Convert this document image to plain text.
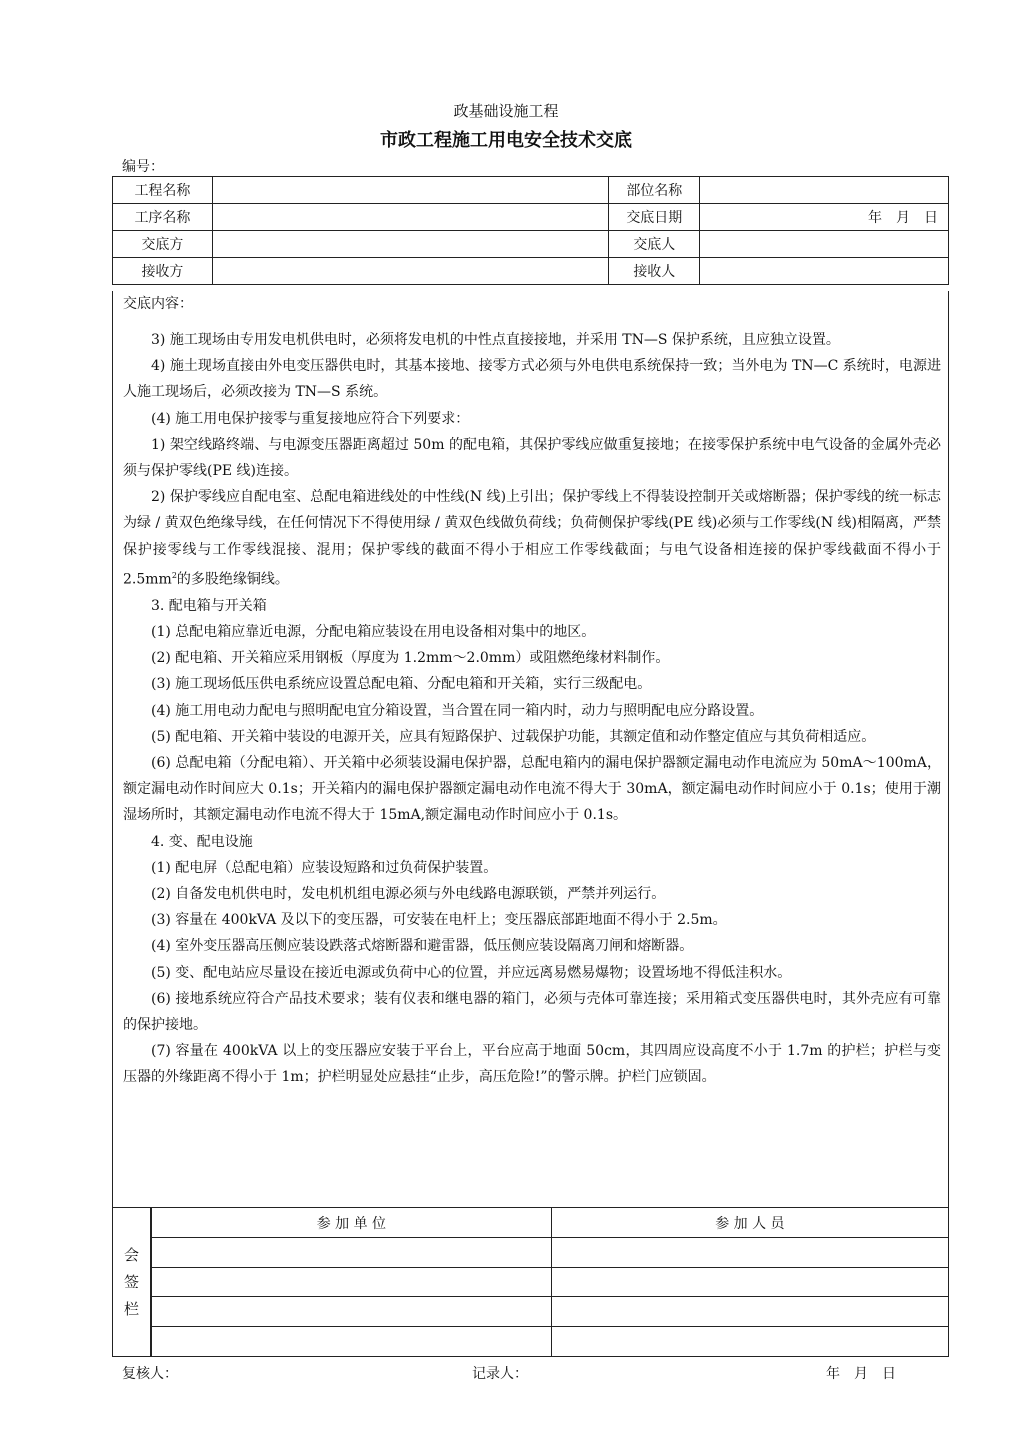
政基础设施工程
市政工程施工用电安全技术交底
编号：
工程名称		部位名称	
工序名称		交底日期	年　月　日
交底方		交底人	
接收方		接收人	
交底内容：

3) 施工现场由专用发电机供电时，必须将发电机的中性点直接接地，并采用 TN—S 保护系统，且应独立设置。

4) 施土现场直接由外电变压器供电时，其基本接地、接零方式必须与外电供电系统保持一致；当外电为 TN—C 系统时，电源进人施工现场后，必须改接为 TN—S 系统。

(4) 施工用电保护接零与重复接地应符合下列要求：

1) 架空线路终端、与电源变压器距离超过 50m 的配电箱，其保护零线应做重复接地；在接零保护系统中电气设备的金属外壳必须与保护零线(PE 线)连接。

2) 保护零线应自配电室、总配电箱进线处的中性线(N 线)上引出；保护零线上不得装设控制开关或熔断器；保护零线的统一标志为绿 / 黄双色绝缘导线，在任何情况下不得使用绿 / 黄双色线做负荷线；负荷侧保护零线(PE 线)必须与工作零线(N 线)相隔离，严禁保护接零线与工作零线混接、混用；保护零线的截面不得小于相应工作零线截面；与电气设备相连接的保护零线截面不得小于 $2.5mm^2$的多股绝缘铜线。

3. 配电箱与开关箱

(1) 总配电箱应靠近电源，分配电箱应装设在用电设备相对集中的地区。

(2) 配电箱、开关箱应采用钢板（厚度为 1.2mm～2.0mm）或阻燃绝缘材料制作。

(3) 施工现场低压供电系统应设置总配电箱、分配电箱和开关箱，实行三级配电。

(4) 施工用电动力配电与照明配电宜分箱设置，当合置在同一箱内时，动力与照明配电应分路设置。

(5) 配电箱、开关箱中装设的电源开关，应具有短路保护、过载保护功能，其额定值和动作整定值应与其负荷相适应。

(6) 总配电箱（分配电箱）、开关箱中必须装设漏电保护器，总配电箱内的漏电保护器额定漏电动作电流应为 50mA～100mA，额定漏电动作时间应大 0.1s；开关箱内的漏电保护器额定漏电动作电流不得大于 30mA，额定漏电动作时间应小于 0.1s；使用于潮湿场所时，其额定漏电动作电流不得大于 15mA,额定漏电动作时间应小于 0.1s。

4. 变、配电设施

(1) 配电屏（总配电箱）应装设短路和过负荷保护装置。

(2) 自备发电机供电时，发电机机组电源必须与外电线路电源联锁，严禁并列运行。

(3) 容量在 400kVA 及以下的变压器，可安装在电杆上；变压器底部距地面不得小于 2.5m。

(4) 室外变压器高压侧应装设跌落式熔断器和避雷器，低压侧应装设隔离刀闸和熔断器。

(5) 变、配电站应尽量设在接近电源或负荷中心的位置，并应远离易燃易爆物；设置场地不得低洼积水。

(6) 接地系统应符合产品技术要求；装有仪表和继电器的箱门，必须与壳体可靠连接；采用箱式变压器供电时，其外壳应有可靠的保护接地。

(7) 容量在 400kVA 以上的变压器应安装于平台上，平台应高于地面 50cm，其四周应设高度不小于 1.7m 的护栏；护栏与变压器的外缘距离不得小于 1m；护栏明显处应悬挂“止步，高压危险!”的警示牌。护栏门应锁固。

会
签
栏
参 加 单 位	参 加 人 员

复核人：	记录人：	年　月　日
